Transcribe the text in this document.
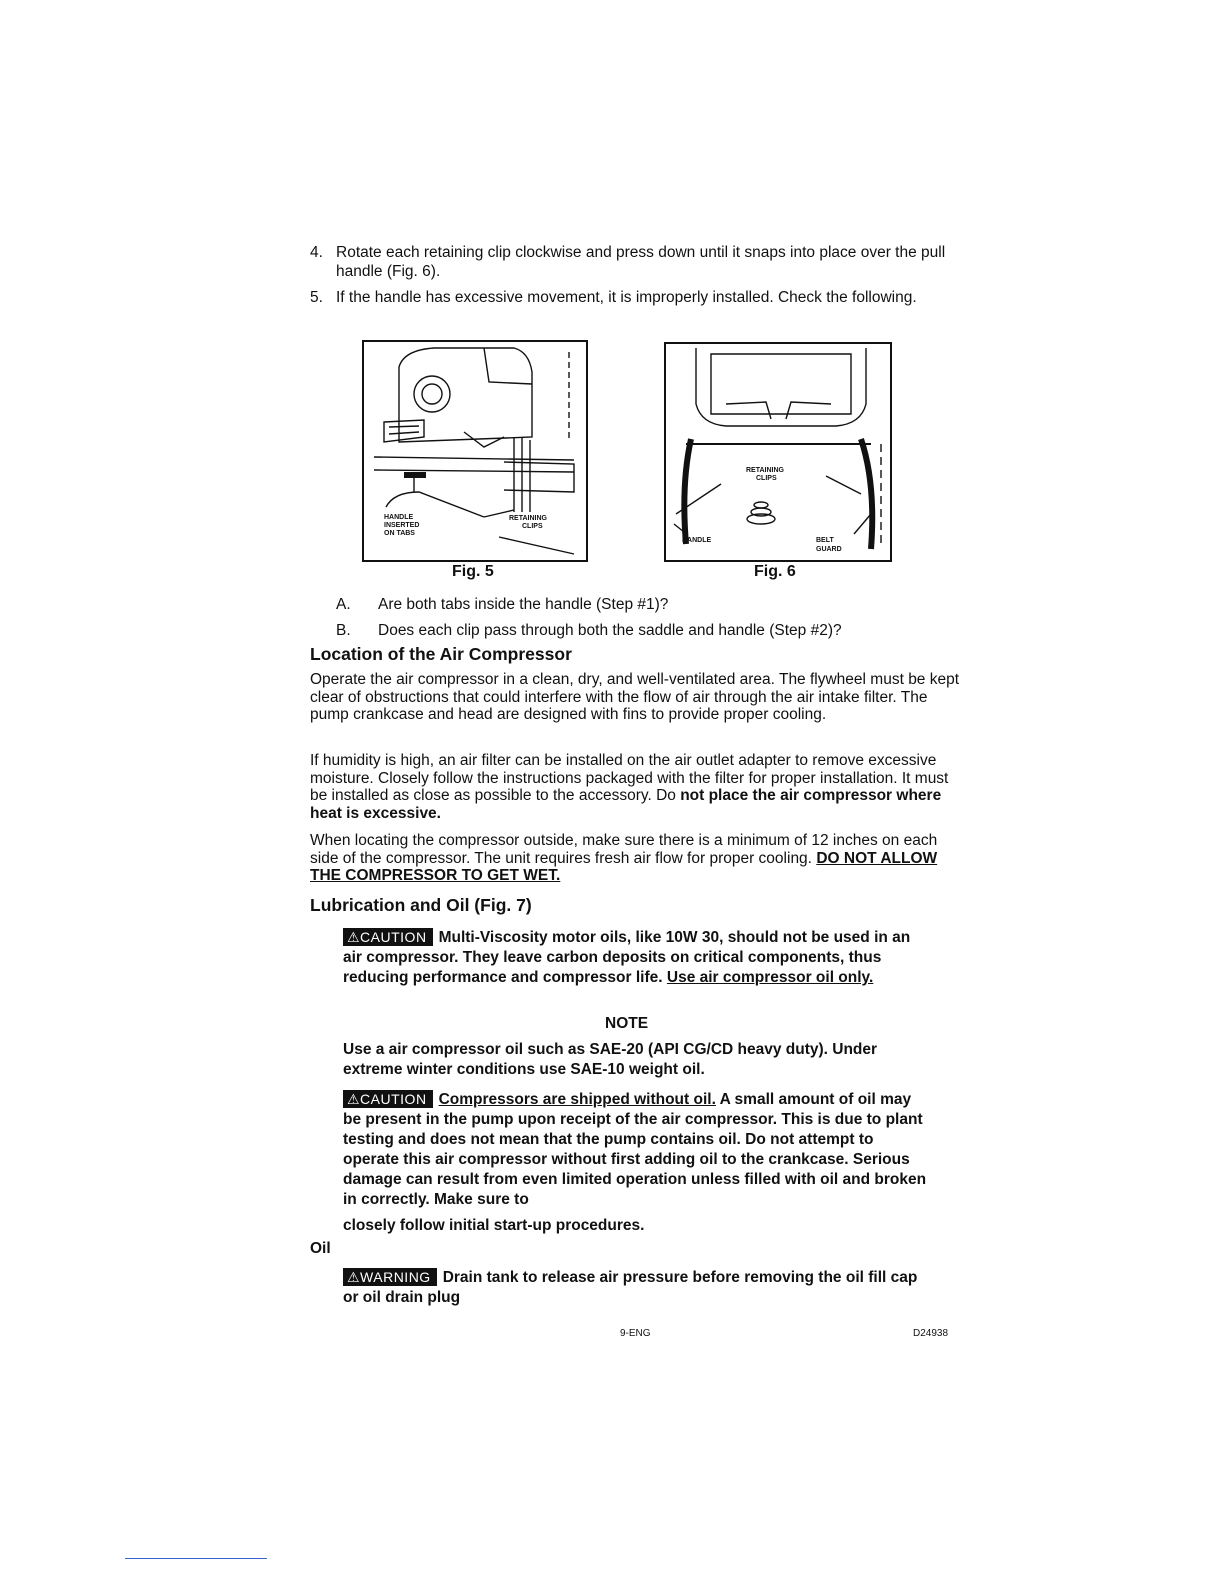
4. Rotate each retaining clip clockwise and press down until it snaps into place over the pull handle (Fig. 6).
5. If the handle has excessive movement, it is improperly installed. Check the following.
HANDLE
INSERTED
ON TABS
RETAINING
CLIPS
Fig. 5
RETAINING
CLIPS
HANDLE	BELT
GUARD
Fig. 6
A. Are both tabs inside the handle (Step #1)?
B. Does each clip pass through both the saddle and handle (Step #2)?
Location of the Air Compressor

Operate the air compressor in a clean, dry, and well-ventilated area. The flywheel must be kept clear of obstructions that could interfere with the flow of air through the air intake filter. The pump crankcase and head are designed with fins to provide proper cooling.

If humidity is high, an air filter can be installed on the air outlet adapter to remove excessive moisture. Closely follow the instructions packaged with the filter for proper installation. It must be installed as close as possible to the accessory. Do not place the air compressor where heat is excessive.

When locating the compressor outside, make sure there is a minimum of 12 inches on each side of the compressor. The unit requires fresh air flow for proper cooling. DO NOT ALLOW THE COMPRESSOR TO GET WET.

Lubrication and Oil (Fig. 7)

⚠CAUTION Multi-Viscosity motor oils, like 10W 30, should not be used in an air compressor. They leave carbon deposits on critical components, thus reducing performance and compressor life. Use air compressor oil only.

NOTE

Use a air compressor oil such as SAE-20 (API CG/CD heavy duty). Under extreme winter conditions use SAE-10 weight oil.

⚠CAUTION Compressors are shipped without oil. A small amount of oil may be present in the pump upon receipt of the air compressor. This is due to plant testing and does not mean that the pump contains oil. Do not attempt to operate this air compressor without first adding oil to the crankcase. Serious damage can result from even limited operation unless filled with oil and broken in correctly. Make sure to

closely follow initial start-up procedures.

Oil

⚠WARNING Drain tank to release air pressure before removing the oil fill cap or oil drain plug

9-ENG	D24938
